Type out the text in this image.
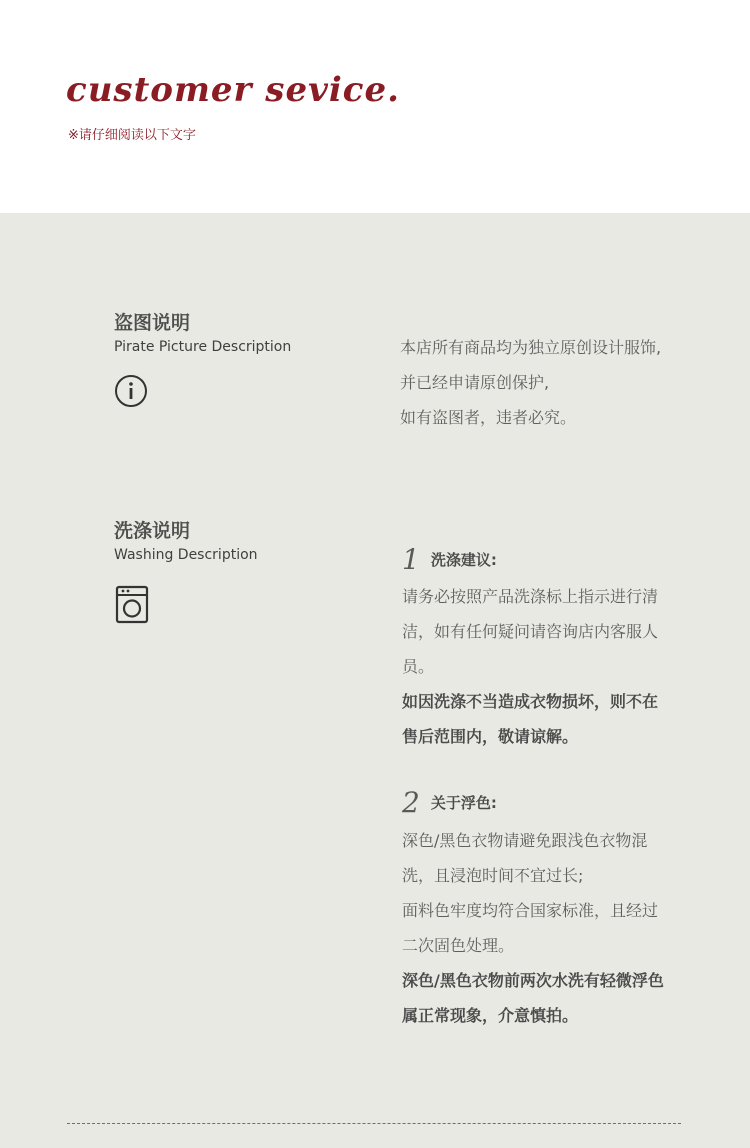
customer sevice.
※请仔细阅读以下文字
盗图说明
Pirate Picture Description	本店所有商品均为独立原创设计服饰,
并已经申请原创保护,
如有盗图者，违者必究。
洗涤说明
Washing Description	1 洗涤建议:
请务必按照产品洗涤标上指示进行清
洁，如有任何疑问请咨询店内客服人
员。
如因洗涤不当造成衣物损坏，则不在
售后范围内，敬请谅解。
2 关于浮色:
深色/黑色衣物请避免跟浅色衣物混
洗，且浸泡时间不宜过长;
面料色牢度均符合国家标准，且经过
二次固色处理。
深色/黑色衣物前两次水洗有轻微浮色
属正常现象，介意慎拍。
